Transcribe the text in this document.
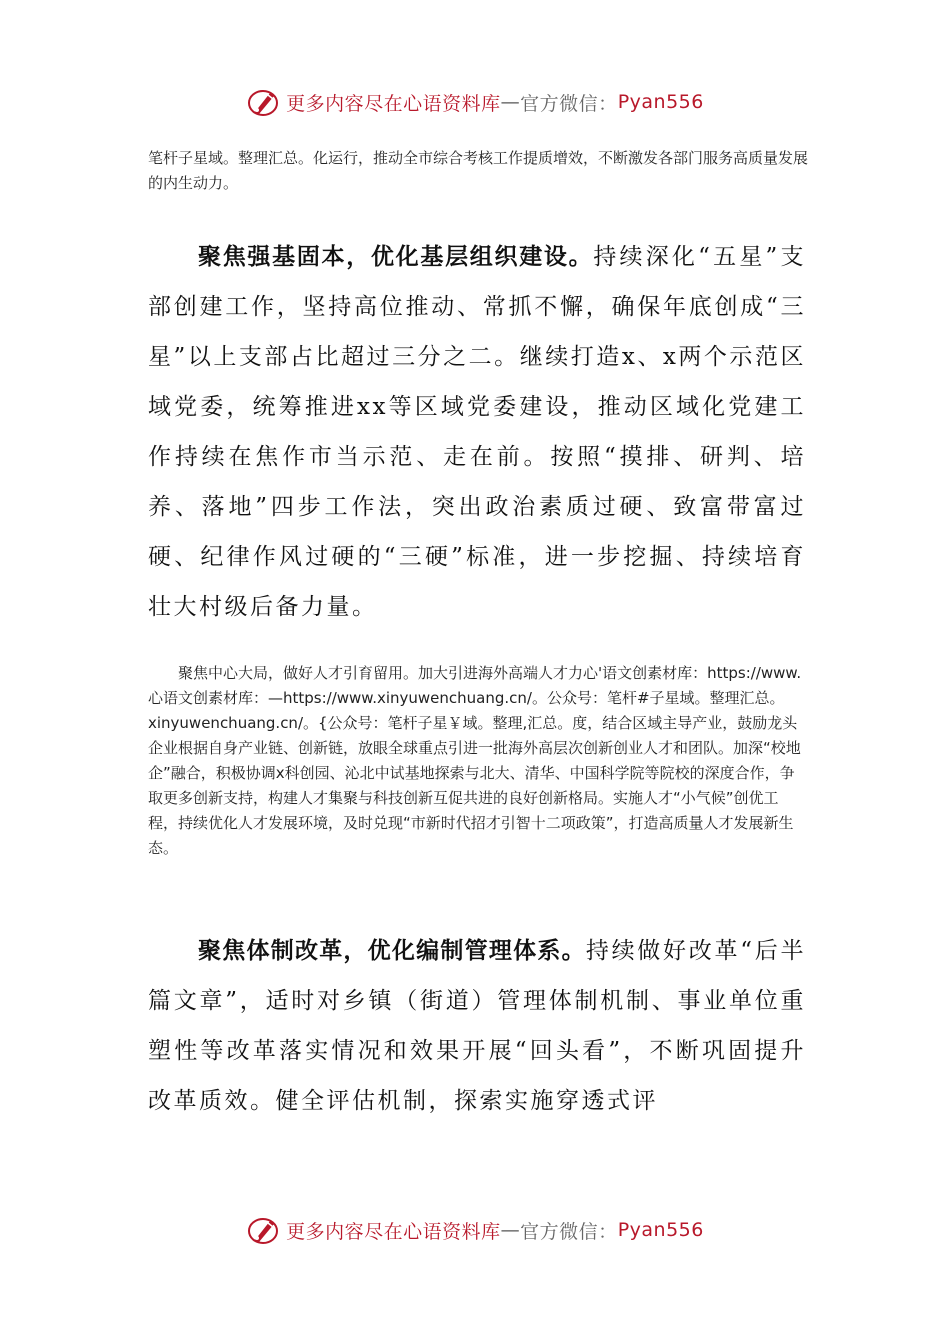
更多内容尽在心语资料库 — 官方微信： Pyan556

笔杆子星域。整理汇总。化运行，推动全市综合考核工作提质增效，不断激发各部门服务高质量发展的内生动力。

聚焦强基固本，优化基层组织建设。持续深化“五星”支部创建工作，坚持高位推动、常抓不懈，确保年底创成“三星”以上支部占比超过三分之二。继续打造x、x两个示范区域党委，统筹推进xx等区域党委建设，推动区域化党建工作持续在焦作市当示范、走在前。按照“摸排、研判、培养、落地”四步工作法，突出政治素质过硬、致富带富过硬、纪律作风过硬的“三硬”标准，进一步挖掘、持续培育壮大村级后备力量。

聚焦中心大局，做好人才引育留用。加大引进海外高端人才力心'语文创素材库：https://www.心语文创素材库：—https://www.xinyuwenchuang.cn/。公众号：笔杆#子星域。整理汇总。xinyuwenchuang.cn/。{公众号：笔杆子星￥域。整理,汇总。度，结合区域主导产业，鼓励龙头企业根据自身产业链、创新链，放眼全球重点引进一批海外高层次创新创业人才和团队。加深“校地企”融合，积极协调x科创园、沁北中试基地探索与北大、清华、中国科学院等院校的深度合作，争取更多创新支持，构建人才集聚与科技创新互促共进的良好创新格局。实施人才“小气候”创优工程，持续优化人才发展环境，及时兑现“市新时代招才引智十二项政策”，打造高质量人才发展新生态。

聚焦体制改革，优化编制管理体系。持续做好改革“后半篇文章”，适时对乡镇（街道）管理体制机制、事业单位重塑性等改革落实情况和效果开展“回头看”，不断巩固提升改革质效。健全评估机制，探索实施穿透式评

更多内容尽在心语资料库 — 官方微信： Pyan556
